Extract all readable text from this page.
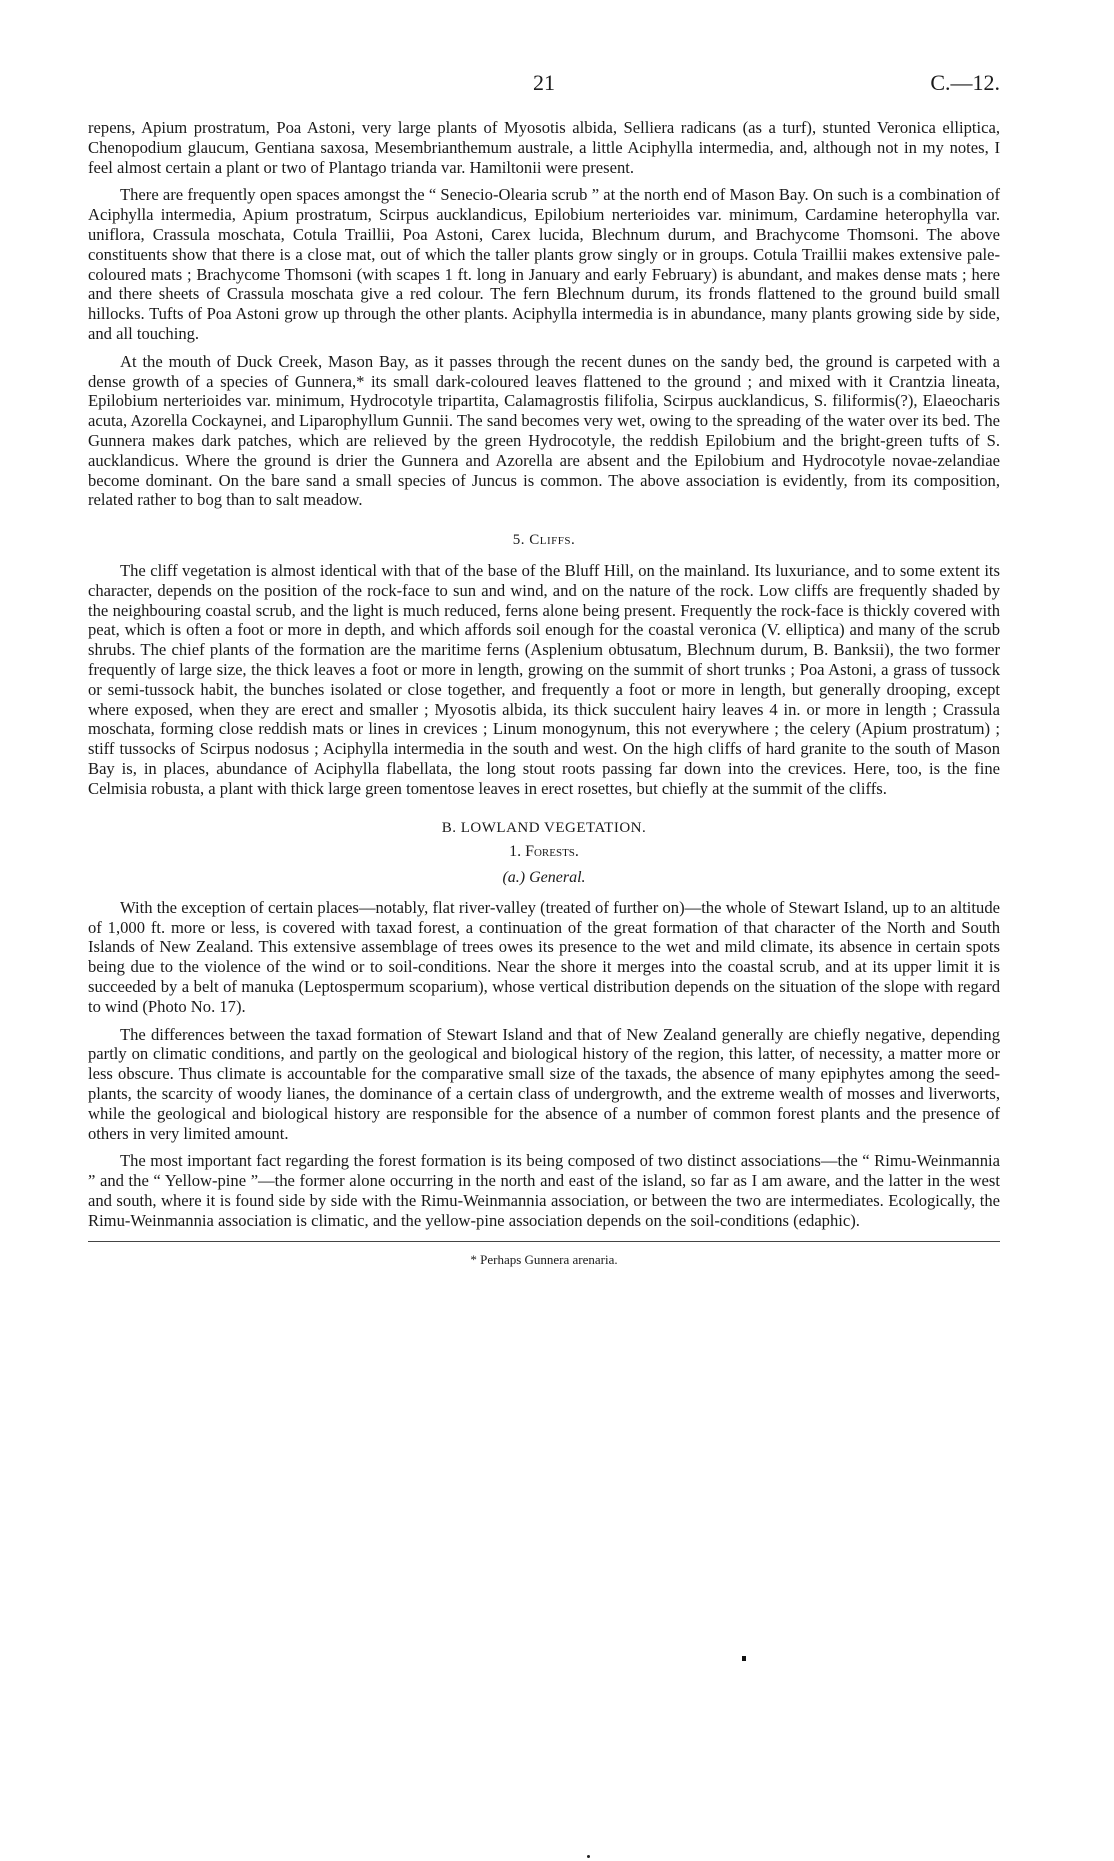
21	C.—12.

repens, Apium prostratum, Poa Astoni, very large plants of Myosotis albida, Selliera radicans (as a turf), stunted Veronica elliptica, Chenopodium glaucum, Gentiana saxosa, Mesembrianthemum australe, a little Aciphylla intermedia, and, although not in my notes, I feel almost certain a plant or two of Plantago trianda var. Hamiltonii were present.

There are frequently open spaces amongst the “ Senecio-Olearia scrub ” at the north end of Mason Bay. On such is a combination of Aciphylla intermedia, Apium prostratum, Scirpus aucklandicus, Epilobium nerterioides var. minimum, Cardamine heterophylla var. uniflora, Crassula moschata, Cotula Traillii, Poa Astoni, Carex lucida, Blechnum durum, and Brachycome Thomsoni. The above constituents show that there is a close mat, out of which the taller plants grow singly or in groups. Cotula Traillii makes extensive pale-coloured mats ; Brachycome Thomsoni (with scapes 1 ft. long in January and early February) is abundant, and makes dense mats ; here and there sheets of Crassula moschata give a red colour. The fern Blechnum durum, its fronds flattened to the ground build small hillocks. Tufts of Poa Astoni grow up through the other plants. Aciphylla intermedia is in abundance, many plants growing side by side, and all touching.

At the mouth of Duck Creek, Mason Bay, as it passes through the recent dunes on the sandy bed, the ground is carpeted with a dense growth of a species of Gunnera,* its small dark-coloured leaves flattened to the ground ; and mixed with it Crantzia lineata, Epilobium nerterioides var. minimum, Hydrocotyle tripartita, Calamagrostis filifolia, Scirpus aucklandicus, S. filiformis(?), Elaeocharis acuta, Azorella Cockaynei, and Liparophyllum Gunnii. The sand becomes very wet, owing to the spreading of the water over its bed. The Gunnera makes dark patches, which are relieved by the green Hydrocotyle, the reddish Epilobium and the bright-green tufts of S. aucklandicus. Where the ground is drier the Gunnera and Azorella are absent and the Epilobium and Hydrocotyle novae-zelandiae become dominant. On the bare sand a small species of Juncus is common. The above association is evidently, from its composition, related rather to bog than to salt meadow.

5. Cliffs.

The cliff vegetation is almost identical with that of the base of the Bluff Hill, on the mainland. Its luxuriance, and to some extent its character, depends on the position of the rock-face to sun and wind, and on the nature of the rock. Low cliffs are frequently shaded by the neighbouring coastal scrub, and the light is much reduced, ferns alone being present. Frequently the rock-face is thickly covered with peat, which is often a foot or more in depth, and which affords soil enough for the coastal veronica (V. elliptica) and many of the scrub shrubs. The chief plants of the formation are the maritime ferns (Asplenium obtusatum, Blechnum durum, B. Banksii), the two former frequently of large size, the thick leaves a foot or more in length, growing on the summit of short trunks ; Poa Astoni, a grass of tussock or semi-tussock habit, the bunches isolated or close together, and frequently a foot or more in length, but generally drooping, except where exposed, when they are erect and smaller ; Myosotis albida, its thick succulent hairy leaves 4 in. or more in length ; Crassula moschata, forming close reddish mats or lines in crevices ; Linum monogynum, this not everywhere ; the celery (Apium prostratum) ; stiff tussocks of Scirpus nodosus ; Aciphylla intermedia in the south and west. On the high cliffs of hard granite to the south of Mason Bay is, in places, abundance of Aciphylla flabellata, the long stout roots passing far down into the crevices. Here, too, is the fine Celmisia robusta, a plant with thick large green tomentose leaves in erect rosettes, but chiefly at the summit of the cliffs.

B. LOWLAND VEGETATION.
1. Forests.
(a.) General.

With the exception of certain places—notably, flat river-valley (treated of further on)—the whole of Stewart Island, up to an altitude of 1,000 ft. more or less, is covered with taxad forest, a continuation of the great formation of that character of the North and South Islands of New Zealand. This extensive assemblage of trees owes its presence to the wet and mild climate, its absence in certain spots being due to the violence of the wind or to soil-conditions. Near the shore it merges into the coastal scrub, and at its upper limit it is succeeded by a belt of manuka (Leptospermum scoparium), whose vertical distribution depends on the situation of the slope with regard to wind (Photo No. 17).

The differences between the taxad formation of Stewart Island and that of New Zealand generally are chiefly negative, depending partly on climatic conditions, and partly on the geological and biological history of the region, this latter, of necessity, a matter more or less obscure. Thus climate is accountable for the comparative small size of the taxads, the absence of many epiphytes among the seed-plants, the scarcity of woody lianes, the dominance of a certain class of undergrowth, and the extreme wealth of mosses and liverworts, while the geological and biological history are responsible for the absence of a number of common forest plants and the presence of others in very limited amount.

The most important fact regarding the forest formation is its being composed of two distinct associations—the “ Rimu-Weinmannia ” and the “ Yellow-pine ”—the former alone occurring in the north and east of the island, so far as I am aware, and the latter in the west and south, where it is found side by side with the Rimu-Weinmannia association, or between the two are intermediates. Ecologically, the Rimu-Weinmannia association is climatic, and the yellow-pine association depends on the soil-conditions (edaphic).

* Perhaps Gunnera arenaria.
